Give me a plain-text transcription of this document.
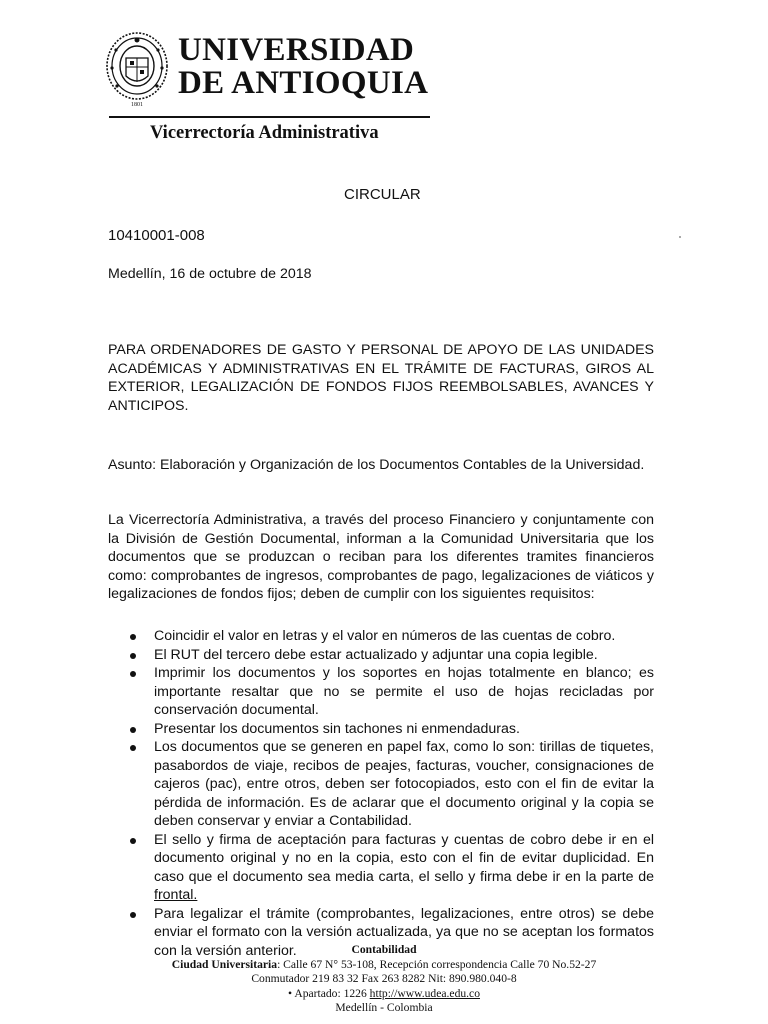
1801
UNIVERSIDAD
DE ANTIOQUIA
Vicerrectoría Administrativa
CIRCULAR
10410001-008
Medellín, 16 de octubre de 2018
PARA ORDENADORES DE GASTO Y PERSONAL DE APOYO DE LAS UNIDADES ACADÉMICAS Y ADMINISTRATIVAS EN EL TRÁMITE DE FACTURAS, GIROS AL EXTERIOR, LEGALIZACIÓN DE FONDOS FIJOS REEMBOLSABLES, AVANCES Y ANTICIPOS.
Asunto: Elaboración y Organización de los Documentos Contables de la Universidad.
La Vicerrectoría Administrativa, a través del proceso Financiero y conjuntamente con la División de Gestión Documental, informan a la Comunidad Universitaria que los documentos que se produzcan o reciban para los diferentes tramites financieros como: comprobantes de ingresos, comprobantes de pago, legalizaciones de viáticos y legalizaciones de fondos fijos; deben de cumplir con los siguientes requisitos:
Coincidir el valor en letras y el valor en números de las cuentas de cobro.
El RUT del tercero debe estar actualizado y adjuntar una copia legible.
Imprimir los documentos y los soportes en hojas totalmente en blanco; es importante resaltar que no se permite el uso de hojas recicladas por conservación documental.
Presentar los documentos sin tachones ni enmendaduras.
Los documentos que se generen en papel fax, como lo son: tirillas de tiquetes, pasabordos de viaje, recibos de peajes, facturas, voucher, consignaciones de cajeros (pac), entre otros, deben ser fotocopiados, esto con el fin de evitar la pérdida de información. Es de aclarar que el documento original y la copia se deben conservar y enviar a Contabilidad.
El sello y firma de aceptación para facturas y cuentas de cobro debe ir en el documento original y no en la copia, esto con el fin de evitar duplicidad. En caso que el documento sea media carta, el sello y firma debe ir en la parte de frontal.
Para legalizar el trámite (comprobantes, legalizaciones, entre otros) se debe enviar el formato con la versión actualizada, ya que no se aceptan los formatos con la versión anterior.	Contabilidad
Ciudad Universitaria: Calle 67 N° 53-108, Recepción correspondencia Calle 70 No.52-27
Conmutador 219 83 32 Fax 263 8282 Nit: 890.980.040-8
• Apartado: 1226 http://www.udea.edu.co
Medellín - Colombia
